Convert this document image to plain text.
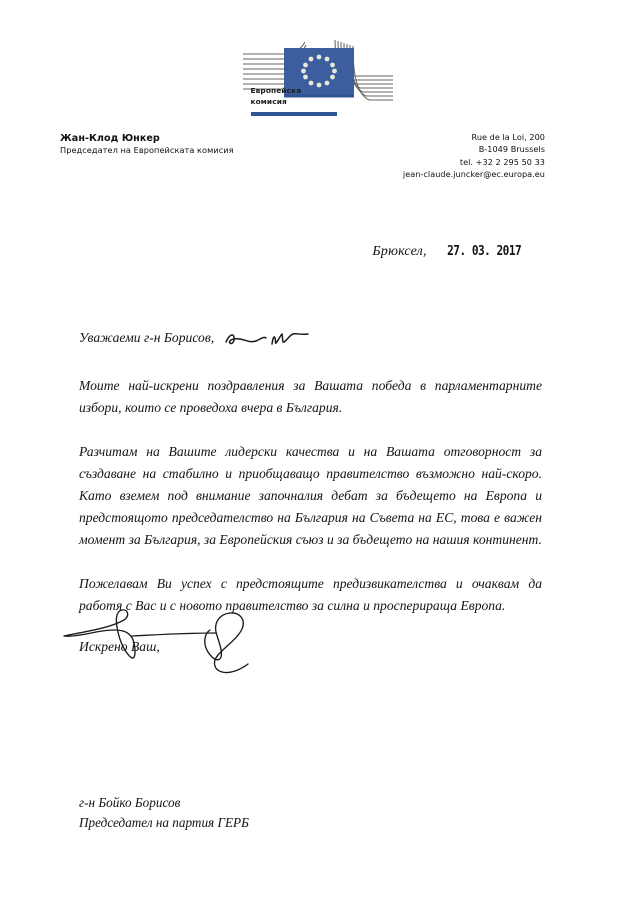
Европейска
комисия
Жан-Клод Юнкер
Председател на Европейската комисия
Rue de la Loi, 200
B-1049 Brussels
tel. +32 2 295 50 33
jean-claude.juncker@ec.europa.eu
Брюксел, 27. 03. 2017
Уважаеми г-н Борисов,

Моите най-искрени поздравления за Вашата победа в парламентарните избори, които се проведоха вчера в България.

Разчитам на Вашите лидерски качества и на Вашата отговорност за създаване на стабилно и приобщаващо правителство възможно най-скоро. Като вземем под внимание започналия дебат за бъдещето на Европа и предстоящото председателство на България на Съвета на ЕС, това е важен момент за България, за Европейския съюз и за бъдещето на нашия континент.

Пожелавам Ви успех с предстоящите предизвикателства и очаквам да работя с Вас и с новото правителство за силна и просперираща Европа.

Искрено Ваш,
г-н Бойко Борисов
Председател на партия ГЕРБ
